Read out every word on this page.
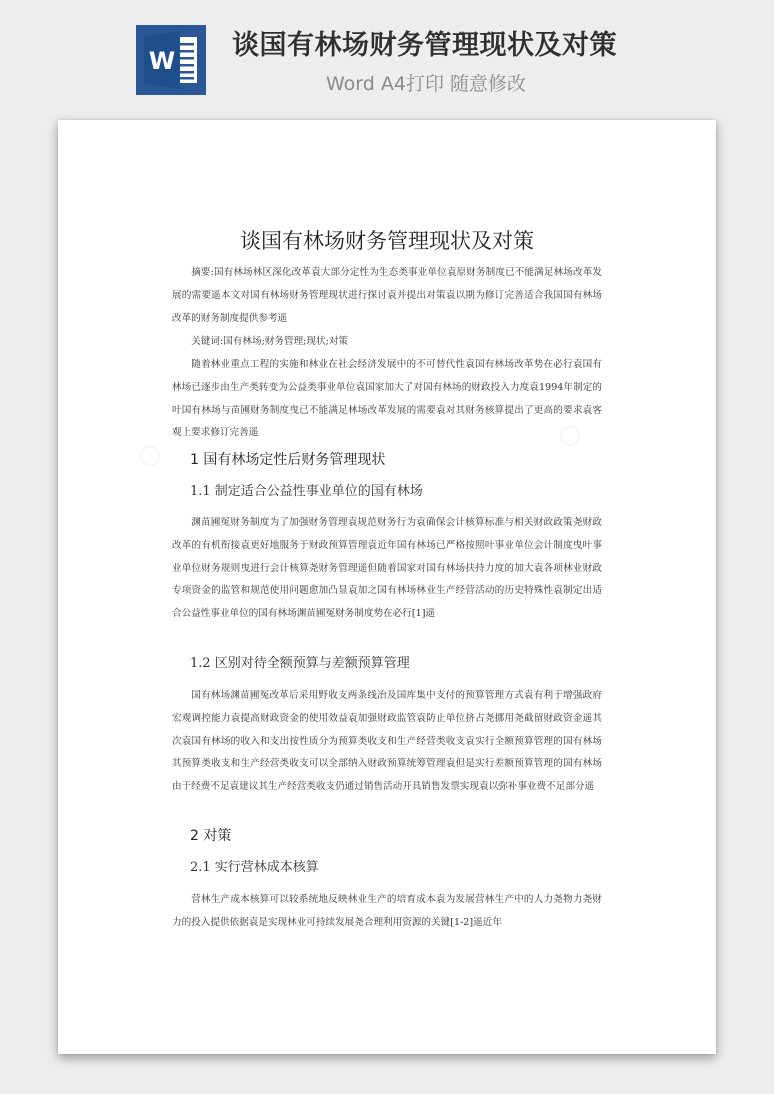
W 谈国有林场财务管理现状及对策
Word A4打印 随意修改
○
○
谈国有林场财务管理现状及对策
摘要:国有林场林区深化改革袁大部分定性为生态类事业单位袁原财务制度已不能满足林场改革发展的需要遥本文对国有林场财务管理现状进行探讨袁并提出对策袁以期为修订完善适合我国国有林场改革的财务制度提供参考遥
关键词:国有林场;财务管理;现状;对策
随着林业重点工程的实施和林业在社会经济发展中的不可替代性袁国有林场改革势在必行袁国有林场已逐步由生产类转变为公益类事业单位袁国家加大了对国有林场的财政投入力度袁1994年制定的叶国有林场与苗圃财务制度曳已不能满足林场改革发展的需要袁对其财务核算提出了更高的要求袁客观上要求修订完善遥
1 国有林场定性后财务管理现状
1.1 制定适合公益性事业单位的国有林场
渊苗圃冤财务制度为了加强财务管理袁规范财务行为袁确保会计核算标准与相关财政政策尧财政改革的有机衔接袁更好地服务于财政预算管理袁近年国有林场已严格按照叶事业单位会计制度曳叶事业单位财务规则曳进行会计核算尧财务管理遥但随着国家对国有林场扶持力度的加大袁各项林业财政专项资金的监管和规范使用问题愈加凸显袁加之国有林场林业生产经营活动的历史特殊性袁制定出适合公益性事业单位的国有林场渊苗圃冤财务制度势在必行[1]遥
1.2 区别对待全额预算与差额预算管理
国有林场渊苗圃冤改革后采用野收支两条线冶及国库集中支付的预算管理方式袁有利于增强政府宏观调控能力袁提高财政资金的使用效益袁加强财政监管袁防止单位挤占尧挪用尧截留财政资金遥其次袁国有林场的收入和支出按性质分为预算类收支和生产经营类收支袁实行全额预算管理的国有林场其预算类收支和生产经营类收支可以全部纳入财政预算统筹管理袁但是实行差额预算管理的国有林场由于经费不足袁建议其生产经营类收支仍通过销售活动开具销售发票实现袁以弥补事业费不足部分遥
2 对策
2.1 实行营林成本核算
营林生产成本核算可以较系统地反映林业生产的培育成本袁为发展营林生产中的人力尧物力尧财力的投入提供依据袁是实现林业可持续发展尧合理利用资源的关键[1-2]遥近年
